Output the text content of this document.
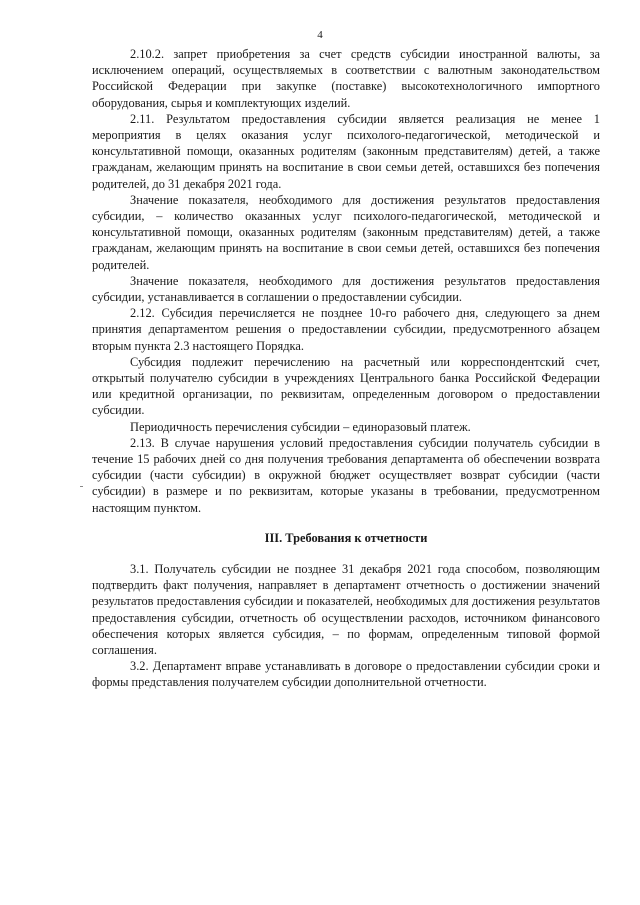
4

2.10.2. запрет приобретения за счет средств субсидии иностранной валюты, за исключением операций, осуществляемых в соответствии с валютным законодательством Российской Федерации при закупке (поставке) высокотехнологичного импортного оборудования, сырья и комплектующих изделий.

2.11. Результатом предоставления субсидии является реализация не менее 1 мероприятия в целях оказания услуг психолого-педагогической, методической и консультативной помощи, оказанных родителям (законным представителям) детей, а также гражданам, желающим принять на воспитание в свои семьи детей, оставшихся без попечения родителей, до 31 декабря 2021 года.

Значение показателя, необходимого для достижения результатов предоставления субсидии, – количество оказанных услуг психолого-педагогической, методической и консультативной помощи, оказанных родителям (законным представителям) детей, а также гражданам, желающим принять на воспитание в свои семьи детей, оставшихся без попечения родителей.

Значение показателя, необходимого для достижения результатов предоставления субсидии, устанавливается в соглашении о предоставлении субсидии.

2.12. Субсидия перечисляется не позднее 10-го рабочего дня, следующего за днем принятия департаментом решения о предоставлении субсидии, предусмотренного абзацем вторым пункта 2.3 настоящего Порядка.

Субсидия подлежит перечислению на расчетный или корреспондентский счет, открытый получателю субсидии в учреждениях Центрального банка Российской Федерации или кредитной организации, по реквизитам, определенным договором о предоставлении субсидии.

Периодичность перечисления субсидии – единоразовый платеж.

2.13. В случае нарушения условий предоставления субсидии получатель субсидии в течение 15 рабочих дней со дня получения требования департамента об обеспечении возврата субсидии (части субсидии) в окружной бюджет осуществляет возврат субсидии (части субсидии) в размере и по реквизитам, которые указаны в требовании, предусмотренном настоящим пунктом.

III. Требования к отчетности

3.1. Получатель субсидии не позднее 31 декабря 2021 года способом, позволяющим подтвердить факт получения, направляет в департамент отчетность о достижении значений результатов предоставления субсидии и показателей, необходимых для достижения результатов предоставления субсидии, отчетность об осуществлении расходов, источником финансового обеспечения которых является субсидия, – по формам, определенным типовой формой соглашения.

3.2. Департамент вправе устанавливать в договоре о предоставлении субсидии сроки и формы представления получателем субсидии дополнительной отчетности.
